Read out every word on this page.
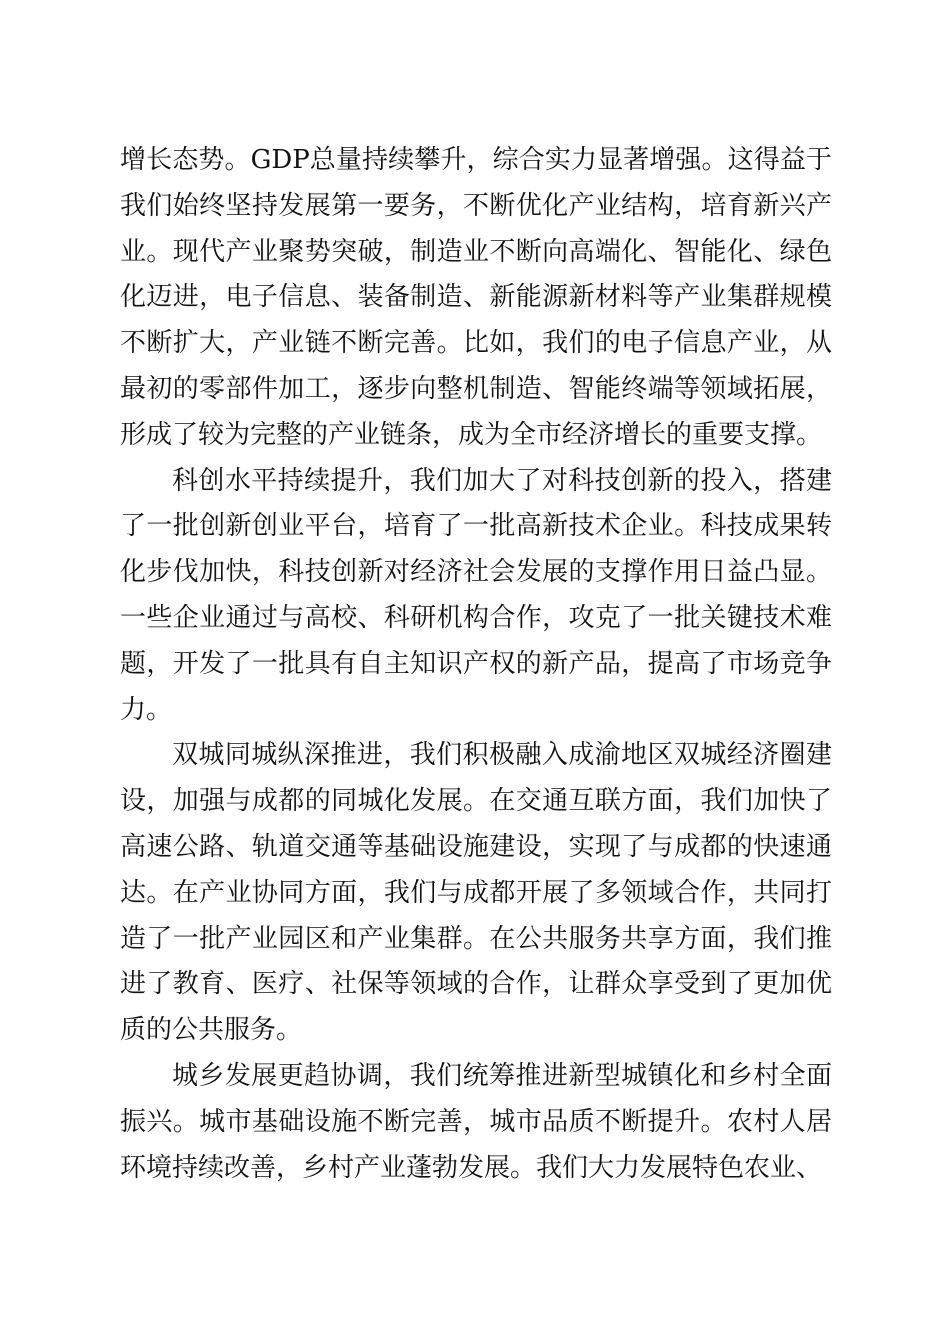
增长态势。GDP总量持续攀升，综合实力显著增强。这得益于我们始终坚持发展第一要务，不断优化产业结构，培育新兴产业。现代产业聚势突破，制造业不断向高端化、智能化、绿色化迈进，电子信息、装备制造、新能源新材料等产业集群规模不断扩大，产业链不断完善。比如，我们的电子信息产业，从最初的零部件加工，逐步向整机制造、智能终端等领域拓展，形成了较为完整的产业链条，成为全市经济增长的重要支撑。

科创水平持续提升，我们加大了对科技创新的投入，搭建了一批创新创业平台，培育了一批高新技术企业。科技成果转化步伐加快，科技创新对经济社会发展的支撑作用日益凸显。一些企业通过与高校、科研机构合作，攻克了一批关键技术难题，开发了一批具有自主知识产权的新产品，提高了市场竞争力。

双城同城纵深推进，我们积极融入成渝地区双城经济圈建设，加强与成都的同城化发展。在交通互联方面，我们加快了高速公路、轨道交通等基础设施建设，实现了与成都的快速通达。在产业协同方面，我们与成都开展了多领域合作，共同打造了一批产业园区和产业集群。在公共服务共享方面，我们推进了教育、医疗、社保等领域的合作，让群众享受到了更加优质的公共服务。

城乡发展更趋协调，我们统筹推进新型城镇化和乡村全面振兴。城市基础设施不断完善，城市品质不断提升。农村人居环境持续改善，乡村产业蓬勃发展。我们大力发展特色农业、
